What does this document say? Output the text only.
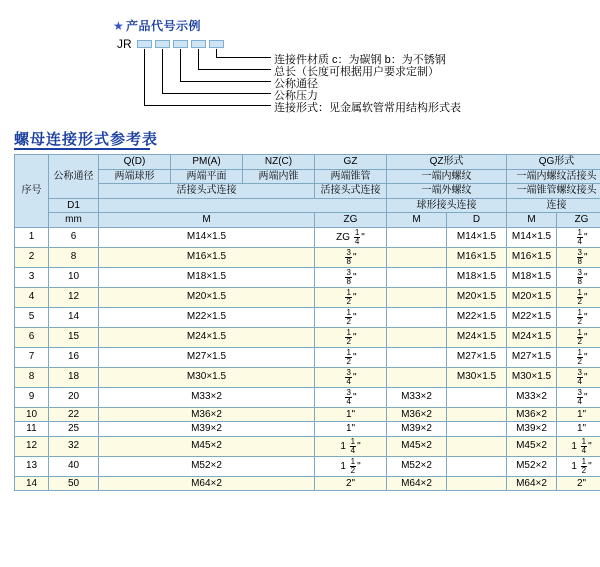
★ 产品代号示例
JR
连接件材质 c：为碳钢 b：为不锈钢
总长（长度可根据用户要求定制）
公称通径
公称压力
连接形式：见金属软管常用结构形式表
螺母连接形式参考表
序号	公称通径	Q(D)	PM(A)	NZ(C)	GZ	QZ形式		QG形式	
		两端球形	两端平面	两端内锥	两端锥管	一端内螺纹		一端内螺纹活接头	
		活接头式连接			活接头式连接	一端外螺纹		一端锥管螺纹接头	
	D1					球形接头连接		连接	
	mm	M			ZG	M	D	M	ZG
1	6	M14×1.5			ZG $\frac{1}{4}$ "		M14×1.5	M14×1.5	$\frac{1}{4}$ "
2	8	M16×1.5			$\frac{3}{8}$ "		M16×1.5	M16×1.5	$\frac{3}{8}$ "
3	10	M18×1.5			$\frac{3}{8}$ "		M18×1.5	M18×1.5	$\frac{3}{8}$ "
4	12	M20×1.5			$\frac{1}{2}$ "		M20×1.5	M20×1.5	$\frac{1}{2}$ "
5	14	M22×1.5			$\frac{1}{2}$ "		M22×1.5	M22×1.5	$\frac{1}{2}$ "
6	15	M24×1.5			$\frac{1}{2}$ "		M24×1.5	M24×1.5	$\frac{1}{2}$ "
7	16	M27×1.5			$\frac{1}{2}$ "		M27×1.5	M27×1.5	$\frac{1}{2}$ "
8	18	M30×1.5			$\frac{3}{4}$ "		M30×1.5	M30×1.5	$\frac{3}{4}$ "
9	20	M33×2			$\frac{3}{4}$ "	M33×2		M33×2	$\frac{3}{4}$ "
10	22	M36×2			1"	M36×2		M36×2	1"
11	25	M39×2			1"	M39×2		M39×2	1"
12	32	M45×2			$1 \frac{1}{4}$ "	M45×2		M45×2	$1 \frac{1}{4}$ "
13	40	M52×2			$1 \frac{1}{2}$ "	M52×2		M52×2	$1 \frac{1}{2}$ "
14	50	M64×2			2"	M64×2		M64×2	2"
